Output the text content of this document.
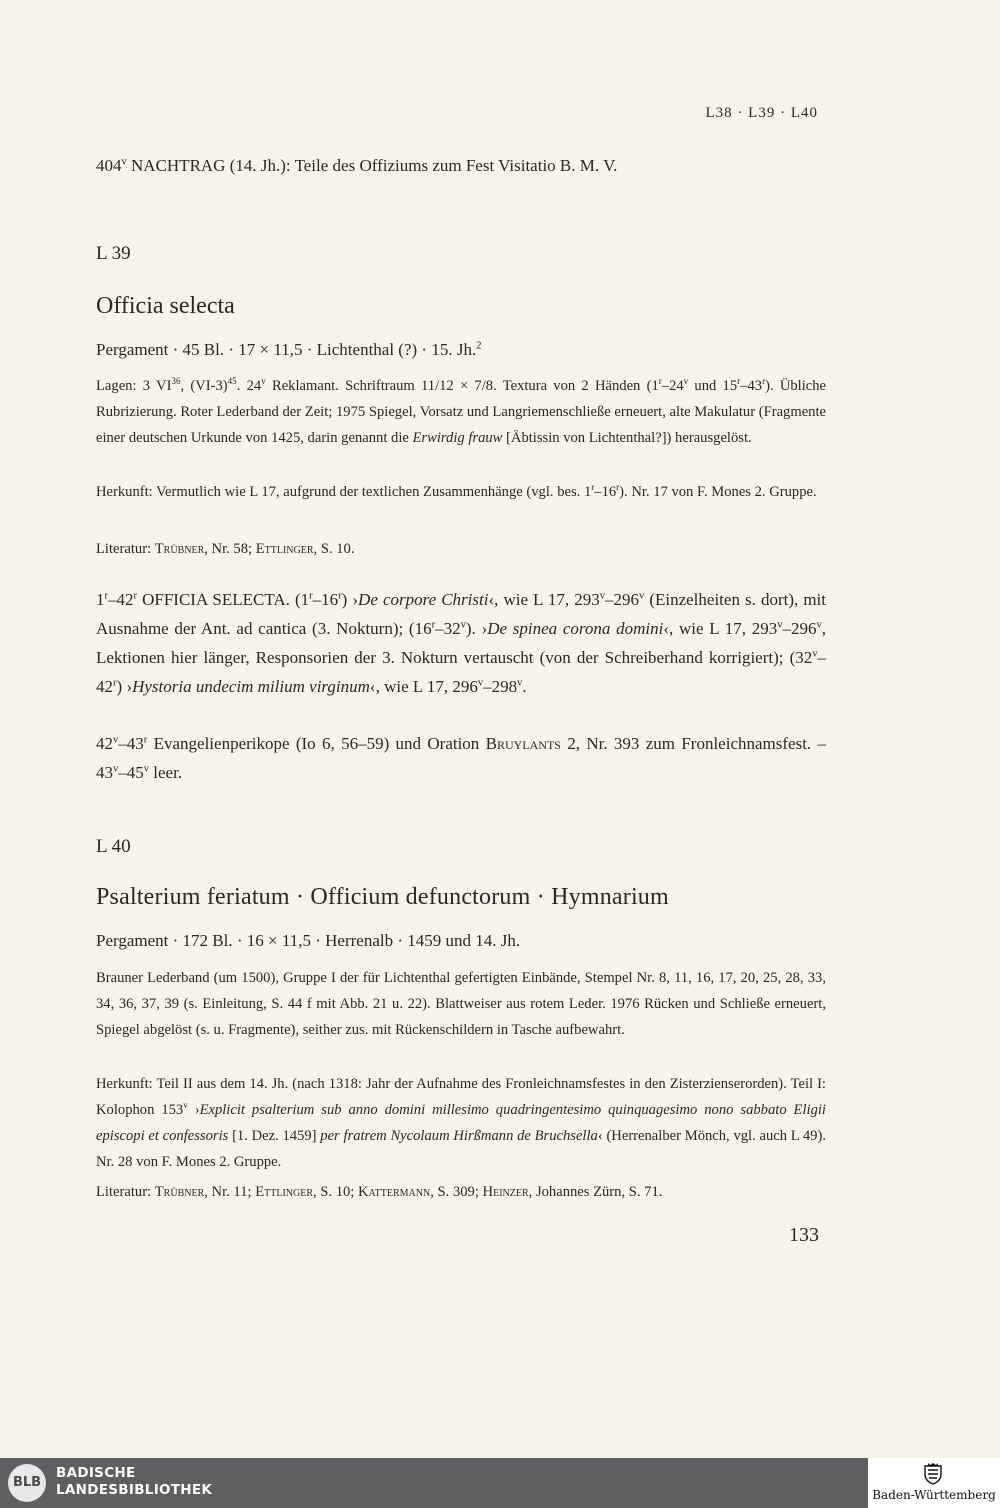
L38 · L39 · L40
404$^v$ NACHTRAG (14. Jh.): Teile des Offiziums zum Fest Visitatio B. M. V.
L 39
Officia selecta
Pergament · 45 Bl. · 17 × 11,5 · Lichtenthal (?) · 15. Jh.$^2$
Lagen: 3 VI$^{36}$, $(VI-3)^{45}$. 24$^v$ Reklamant. Schriftraum 11/12 × 7/8. Textura von 2 Händen (1$^r$–24$^v$ und 15$^r$–43$^r$). Übliche Rubrizierung. Roter Lederband der Zeit; 1975 Spiegel, Vorsatz und Langriemenschließe erneuert, alte Makulatur (Fragmente einer deutschen Urkunde von 1425, darin genannt die Erwirdig frauw [Äbtissin von Lichtenthal?]) herausgelöst.
Herkunft: Vermutlich wie L 17, aufgrund der textlichen Zusammenhänge (vgl. bes. 1$^r$–16$^r$). Nr. 17 von F. Mones 2. Gruppe.
Literatur: Trübner, Nr. 58; Ettlinger, S. 10.
1$^r$–42$^r$ OFFICIA SELECTA. (1$^r$–16$^r$) ›De corpore Christi‹, wie L 17, 293$^v$–296$^v$ (Einzelheiten s. dort), mit Ausnahme der Ant. ad cantica (3. Nokturn); (16$^r$–32$^v$). ›De spinea corona domini‹, wie L 17, 293$^v$–296$^v$, Lektionen hier länger, Responsorien der 3. Nokturn vertauscht (von der Schreiberhand korrigiert); (32$^v$–42$^r$) ›Hystoria undecim milium virginum‹, wie L 17, 296$^v$–298$^v$.
42$^v$–43$^r$ Evangelienperikope (Io 6, 56–59) und Oration Bruylants 2, Nr. 393 zum Fronleichnamsfest. – 43$^v$–45$^v$ leer.
L 40
Psalterium feriatum · Officium defunctorum · Hymnarium
Pergament · 172 Bl. · 16 × 11,5 · Herrenalb · 1459 und 14. Jh.
Brauner Lederband (um 1500), Gruppe I der für Lichtenthal gefertigten Einbände, Stempel Nr. 8, 11, 16, 17, 20, 25, 28, 33, 34, 36, 37, 39 (s. Einleitung, S. 44 f mit Abb. 21 u. 22). Blattweiser aus rotem Leder. 1976 Rücken und Schließe erneuert, Spiegel abgelöst (s. u. Fragmente), seither zus. mit Rückenschildern in Tasche aufbewahrt.
Herkunft: Teil II aus dem 14. Jh. (nach 1318: Jahr der Aufnahme des Fronleichnamsfestes in den Zisterzienserorden). Teil I: Kolophon 153$^v$ ›Explicit psalterium sub anno domini millesimo quadringentesimo quinquagesimo nono sabbato Eligii episcopi et confessoris [1. Dez. 1459] per fratrem Nycolaum Hirßmann de Bruchsella‹ (Herrenalber Mönch, vgl. auch L 49). Nr. 28 von F. Mones 2. Gruppe.
Literatur: Trübner, Nr. 11; Ettlinger, S. 10; Kattermann, S. 309; Heinzer, Johannes Zürn, S. 71.
133
BLB
BADISCHE
LANDESBIBLIOTHEK	Baden-Württemberg
